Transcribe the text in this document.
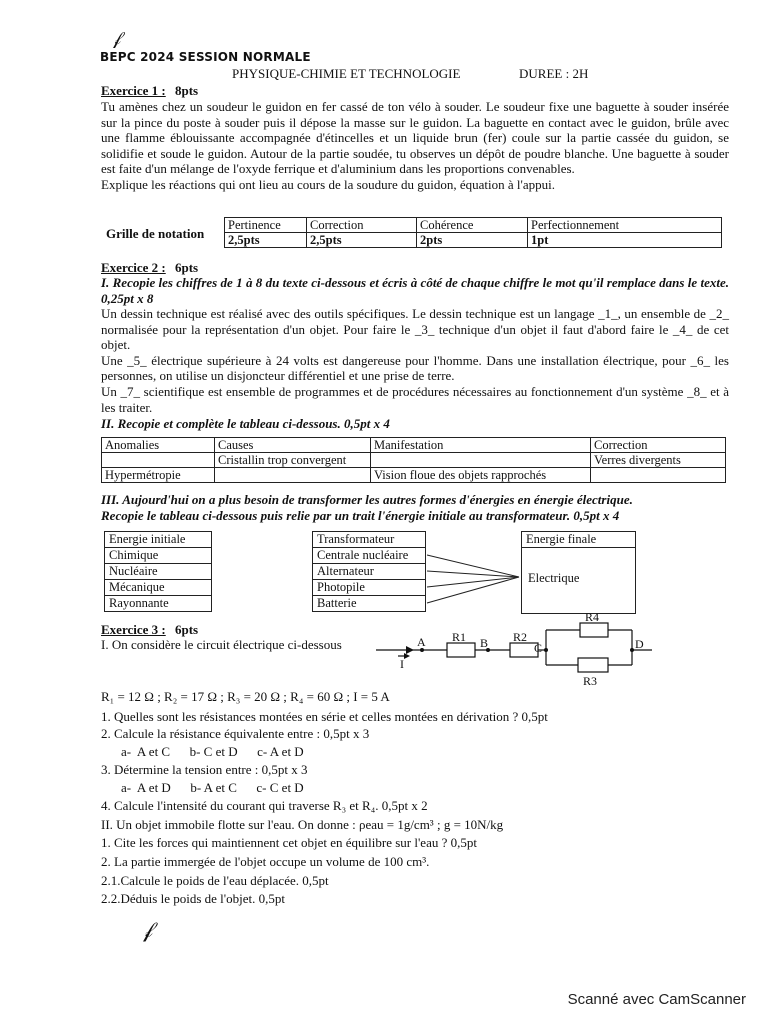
𝒻
BEPC 2024 SESSION NORMALE
PHYSIQUE-CHIMIE ET TECHNOLOGIE	DUREE : 2H
Exercice 1 : 8pts

Tu amènes chez un soudeur le guidon en fer cassé de ton vélo à souder. Le soudeur fixe une baguette à souder insérée sur la pince du poste à souder puis il dépose la masse sur le guidon. La baguette en contact avec le guidon, brûle avec une flamme éblouissante accompagnée d'étincelles et un liquide brun (fer) coule sur la partie cassée du guidon, se solidifie et soude le guidon. Autour de la partie soudée, tu observes un dépôt de poudre blanche. Une baguette à souder est faite d'un mélange de l'oxyde ferrique et d'aluminium dans les proportions convenables.

Explique les réactions qui ont lieu au cours de la soudure du guidon, équation à l'appui.

Grille de notation
Pertinence	Correction	Cohérence	Perfectionnement
2,5pts	2,5pts	2pts	1pt
Exercice 2 : 6pts
I. Recopie les chiffres de 1 à 8 du texte ci-dessous et écris à côté de chaque chiffre le mot qu'il remplace dans le texte. 0,25pt x 8

Un dessin technique est réalisé avec des outils spécifiques. Le dessin technique est un langage _1_, un ensemble de _2_ normalisée pour la représentation d'un objet. Pour faire le _3_ technique d'un objet il faut d'abord faire le _4_ de cet objet.

Une _5_ électrique supérieure à 24 volts est dangereuse pour l'homme. Dans une installation électrique, pour _6_ les personnes, on utilise un disjoncteur différentiel et une prise de terre.

Un _7_ scientifique est ensemble de programmes et de procédures nécessaires au fonctionnement d'un système _8_ et à les traiter.

II. Recopie et complète le tableau ci-dessous. 0,5pt x 4
Anomalies	Causes	Manifestation	Correction
	Cristallin trop convergent		Verres divergents
Hypermétropie		Vision floue des objets rapprochés	
III. Aujourd'hui on a plus besoin de transformer les autres formes d'énergies en énergie électrique.
Recopie le tableau ci-dessous puis relie par un trait l'énergie initiale au transformateur. 0,5pt x 4
Energie initiale
Chimique
Nucléaire
Mécanique
Rayonnante
Transformateur
Centrale nucléaire
Alternateur
Photopile
Batterie
Energie finale
Electrique
Exercice 3 : 6pts
I. On considère le circuit électrique ci-dessous	A	B	C	D
I
R1	R2
R4
R3
R₁ = 12 Ω ; R₂ = 17 Ω ; R₃ = 20 Ω ; R₄ = 60 Ω ; I = 5 A
1. Quelles sont les résistances montées en série et celles montées en dérivation ? 0,5pt
2. Calcule la résistance équivalente entre : 0,5pt x 3
a-  A et C      b- C et D      c- A et D
3. Détermine la tension entre : 0,5pt x 3
a-  A et D      b- A et C      c- C et D
4. Calcule l'intensité du courant qui traverse R₃ et R₄. 0,5pt x 2
II. Un objet immobile flotte sur l'eau. On donne : ρeau = 1g/cm³ ; g = 10N/kg
1. Cite les forces qui maintiennent cet objet en équilibre sur l'eau ? 0,5pt
2. La partie immergée de l'objet occupe un volume de 100 cm³.
2.1.Calcule le poids de l'eau déplacée. 0,5pt
2.2.Déduis le poids de l'objet. 0,5pt
𝒻
Scanné avec CamScanner
